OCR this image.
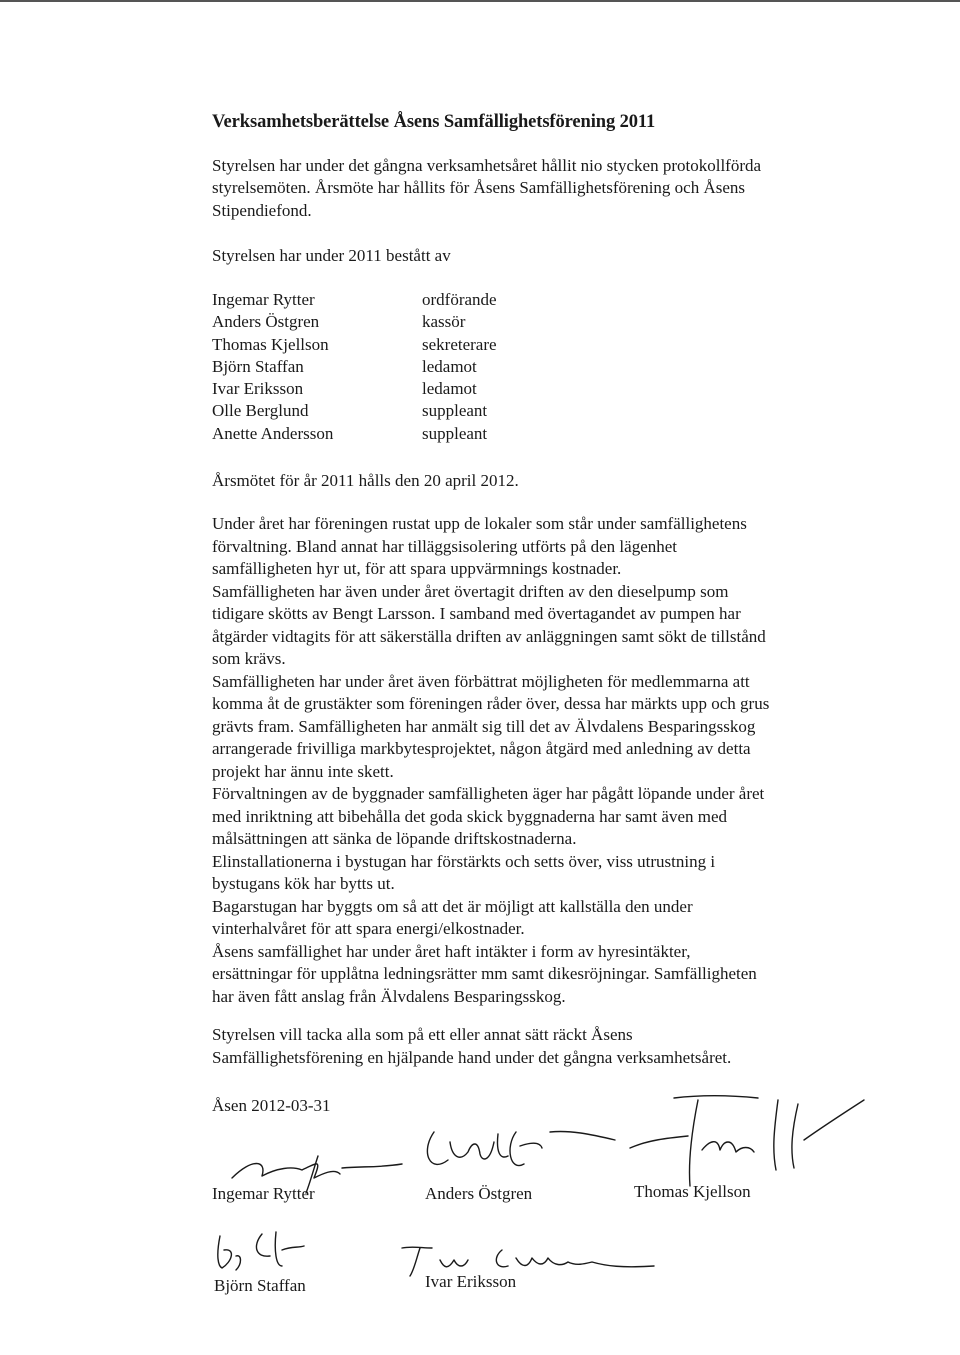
Verksamhetsberättelse Åsens Samfällighetsförening 2011
Styrelsen har under det gångna verksamhetsåret hållit nio stycken protokollförda
styrelsemöten. Årsmöte har hållits för Åsens Samfällighetsförening och Åsens
Stipendiefond.
Styrelsen har under 2011 bestått av
Ingemar Rytter	ordförande
Anders Östgren	kassör
Thomas Kjellson	sekreterare
Björn Staffan	ledamot
Ivar Eriksson	ledamot
Olle Berglund	suppleant
Anette Andersson	suppleant
Årsmötet för år 2011 hålls den 20 april 2012.
Under året har föreningen rustat upp de lokaler som står under samfällighetens
förvaltning. Bland annat har tilläggsisolering utförts på den lägenhet
samfälligheten hyr ut, för att spara uppvärmnings kostnader.
Samfälligheten har även under året övertagit driften av den dieselpump som
tidigare skötts av Bengt Larsson. I samband med övertagandet av pumpen har
åtgärder vidtagits för att säkerställa driften av anläggningen samt sökt de tillstånd
som krävs.
Samfälligheten har under året även förbättrat möjligheten för medlemmarna att
komma åt de grustäkter som föreningen råder över, dessa har märkts upp och grus
grävts fram. Samfälligheten har anmält sig till det av Älvdalens Besparingsskog
arrangerade frivilliga markbytesprojektet, någon åtgärd med anledning av detta
projekt har ännu inte skett.
Förvaltningen av de byggnader samfälligheten äger har pågått löpande under året
med inriktning att bibehålla det goda skick byggnaderna har samt även med
målsättningen att sänka de löpande driftskostnaderna.
Elinstallationerna i bystugan har förstärkts och setts över, viss utrustning i
bystugans kök har bytts ut.
Bagarstugan har byggts om så att det är möjligt att kallställa den under
vinterhalvåret för att spara energi/elkostnader.
Åsens samfällighet har under året haft intäkter i form av hyresintäkter,
ersättningar för upplåtna ledningsrätter mm samt dikesröjningar. Samfälligheten
har även fått anslag från Älvdalens Besparingsskog.
Styrelsen vill tacka alla som på ett eller annat sätt räckt Åsens
Samfällighetsförening en hjälpande hand under det gångna verksamhetsåret.
Åsen 2012-03-31
Ingemar Rytter	Anders Östgren	Thomas Kjellson
Björn Staffan	Ivar Eriksson
